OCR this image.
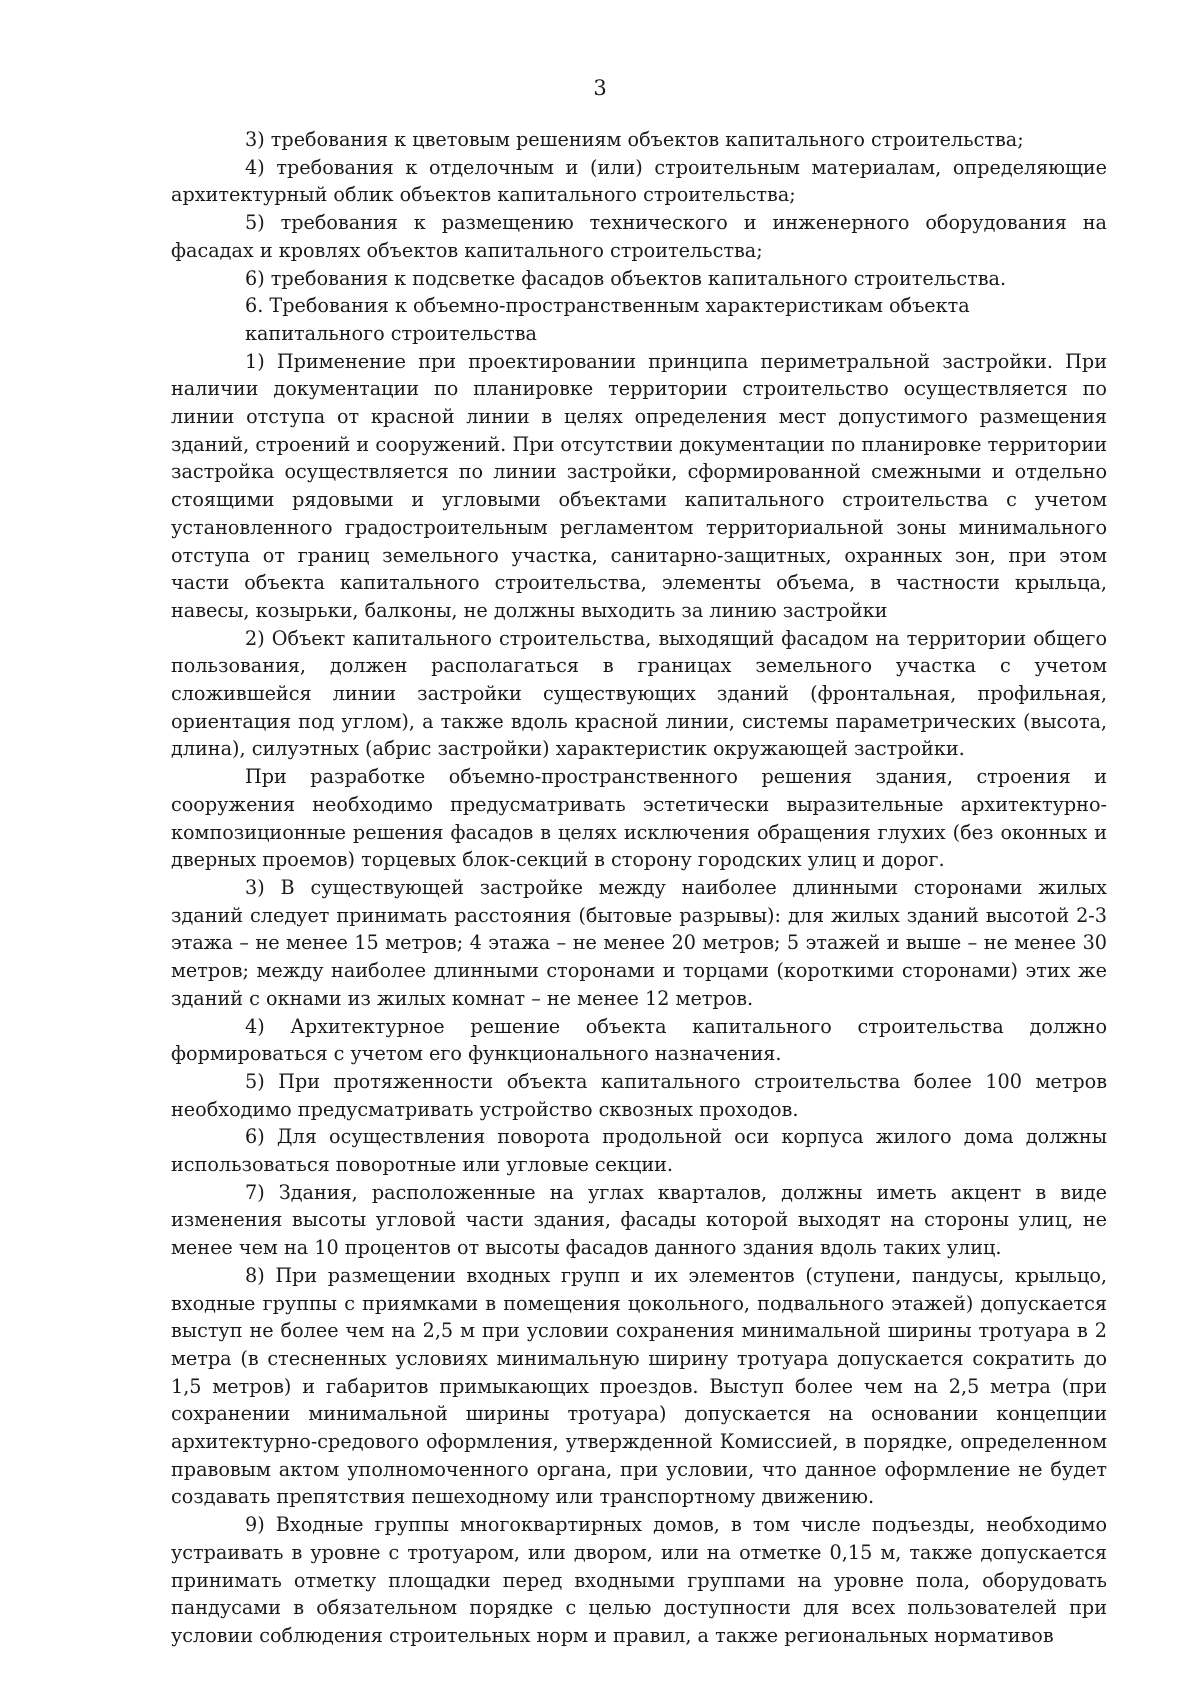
3

3) требования к цветовым решениям объектов капитального строительства;

4) требования к отделочным и (или) строительным материалам, определяющие архитектурный облик объектов капитального строительства;

5) требования к размещению технического и инженерного оборудования на фасадах и кровлях объектов капитального строительства;

6) требования к подсветке фасадов объектов капитального строительства.

6. Требования к объемно-пространственным характеристикам объекта капитального строительства

1) Применение при проектировании принципа периметральной застройки. При наличии документации по планировке территории строительство осуществляется по линии отступа от красной линии в целях определения мест допустимого размещения зданий, строений и сооружений. При отсутствии документации по планировке территории застройка осуществляется по линии застройки, сформированной смежными и отдельно стоящими рядовыми и угловыми объектами капитального строительства с учетом установленного градостроительным регламентом территориальной зоны минимального отступа от границ земельного участка, санитарно-защитных, охранных зон, при этом части объекта капитального строительства, элементы объема, в частности крыльца, навесы, козырьки, балконы, не должны выходить за линию застройки

2) Объект капитального строительства, выходящий фасадом на территории общего пользования, должен располагаться в границах земельного участка с учетом сложившейся линии застройки существующих зданий (фронтальная, профильная, ориентация под углом), а также вдоль красной линии, системы параметрических (высота, длина), силуэтных (абрис застройки) характеристик окружающей застройки.

При разработке объемно-пространственного решения здания, строения и сооружения необходимо предусматривать эстетически выразительные архитектурно-композиционные решения фасадов в целях исключения обращения глухих (без оконных и дверных проемов) торцевых блок-секций в сторону городских улиц и дорог.

3) В существующей застройке между наиболее длинными сторонами жилых зданий следует принимать расстояния (бытовые разрывы): для жилых зданий высотой 2-3 этажа – не менее 15 метров; 4 этажа – не менее 20 метров; 5 этажей и выше – не менее 30 метров; между наиболее длинными сторонами и торцами (короткими сторонами) этих же зданий с окнами из жилых комнат – не менее 12 метров.

4) Архитектурное решение объекта капитального строительства должно формироваться с учетом его функционального назначения.

5) При протяженности объекта капитального строительства более 100 метров необходимо предусматривать устройство сквозных проходов.

6) Для осуществления поворота продольной оси корпуса жилого дома должны использоваться поворотные или угловые секции.

7) Здания, расположенные на углах кварталов, должны иметь акцент в виде изменения высоты угловой части здания, фасады которой выходят на стороны улиц, не менее чем на 10 процентов от высоты фасадов данного здания вдоль таких улиц.

8) При размещении входных групп и их элементов (ступени, пандусы, крыльцо, входные группы с приямками в помещения цокольного, подвального этажей) допускается выступ не более чем на 2,5 м при условии сохранения минимальной ширины тротуара в 2 метра (в стесненных условиях минимальную ширину тротуара допускается сократить до 1,5 метров) и габаритов примыкающих проездов. Выступ более чем на 2,5 метра (при сохранении минимальной ширины тротуара) допускается на основании концепции архитектурно-средового оформления, утвержденной Комиссией, в порядке, определенном правовым актом уполномоченного органа, при условии, что данное оформление не будет создавать препятствия пешеходному или транспортному движению.

9) Входные группы многоквартирных домов, в том числе подъезды, необходимо устраивать в уровне с тротуаром, или двором, или на отметке 0,15 м, также допускается принимать отметку площадки перед входными группами на уровне пола, оборудовать пандусами в обязательном порядке с целью доступности для всех пользователей при условии соблюдения строительных норм и правил, а также региональных нормативов
